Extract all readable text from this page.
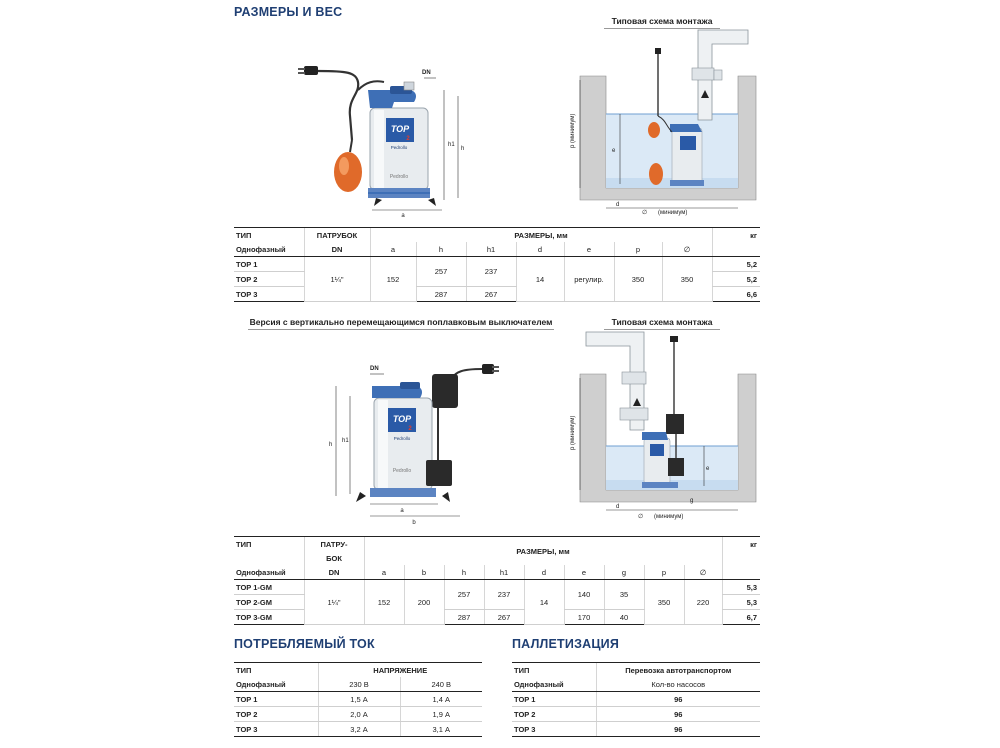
РАЗМЕРЫ И ВЕС
TOP
2
Pedrollo
Pedrollo
a
h1
h
DN
Типовая схема монтажа
p (минимум)
e
d
∅ (минимум)
ТИП	ПАТРУБОК	РАЗМЕРЫ, мм							кг
Однофазный	DN	a	h	h1	d	e	p	∅	
TOP 1	1¼"	152	257	237	14	регулир.	350	350	5,2
TOP 2									5,2
TOP 3			287	267					6,6
Версия с вертикально перемещающимся поплавковым выключателем	Типовая схема монтажа
TOP
2
Pedrollo
Pedrollo
a
b
h
h1
DN
p (минимум)
e
d
g
∅ (минимум)
ТИП	ПАТРУ-	РАЗМЕРЫ, мм									кг
	БОК										
Однофазный	DN	a	b	h	h1	d	e	g	p	∅	
TOP 1-GM	1¼"	152	200	257	237	14	140	35	350	220	5,3
TOP 2-GM											5,3
TOP 3-GM				287	267		170	40			6,7
ПОТРЕБЛЯЕМЫЙ ТОК
ТИП	НАПРЯЖЕНИЕ	
Однофазный	230 В	240 В
TOP 1	1,5 А	1,4 А
TOP 2	2,0 А	1,9 А
TOP 3	3,2 А	3,1 А
ПАЛЛЕТИЗАЦИЯ
ТИП	Перевозка автотранспортом
Однофазный	Кол-во насосов
TOP 1	96
TOP 2	96
TOP 3	96
